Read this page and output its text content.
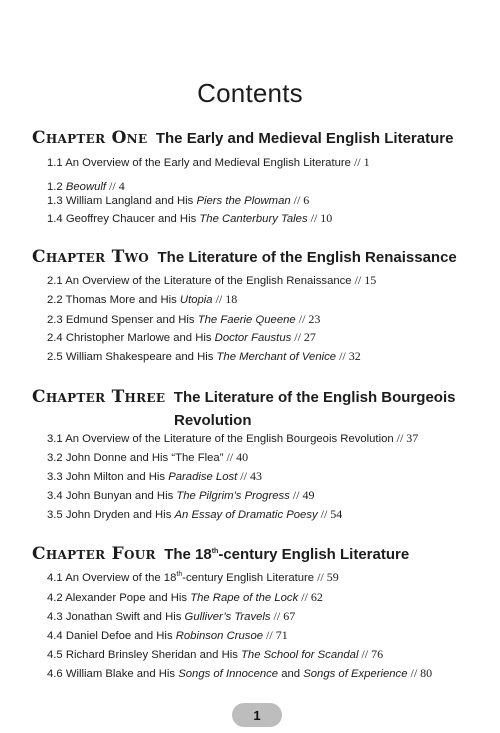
Contents
Chapter One The Early and Medieval English Literature
1.1 An Overview of the Early and Medieval English Literature // 1
1.2 Beowulf // 4
1.3 William Langland and His Piers the Plowman // 6
1.4 Geoffrey Chaucer and His The Canterbury Tales // 10
Chapter Two The Literature of the English Renaissance
2.1 An Overview of the Literature of the English Renaissance // 15
2.2 Thomas More and His Utopia // 18
2.3 Edmund Spenser and His The Faerie Queene // 23
2.4 Christopher Marlowe and His Doctor Faustus // 27
2.5 William Shakespeare and His The Merchant of Venice // 32
Chapter Three The Literature of the English Bourgeois
Revolution
3.1 An Overview of the Literature of the English Bourgeois Revolution // 37
3.2 John Donne and His “The Flea” // 40
3.3 John Milton and His Paradise Lost // 43
3.4 John Bunyan and His The Pilgrim’s Progress // 49
3.5 John Dryden and His An Essay of Dramatic Poesy // 54
Chapter Four The 18th-century English Literature
4.1 An Overview of the 18th-century English Literature // 59
4.2 Alexander Pope and His The Rape of the Lock // 62
4.3 Jonathan Swift and His Gulliver’s Travels // 67
4.4 Daniel Defoe and His Robinson Crusoe // 71
4.5 Richard Brinsley Sheridan and His The School for Scandal // 76
4.6 William Blake and His Songs of Innocence and Songs of Experience // 80
1
